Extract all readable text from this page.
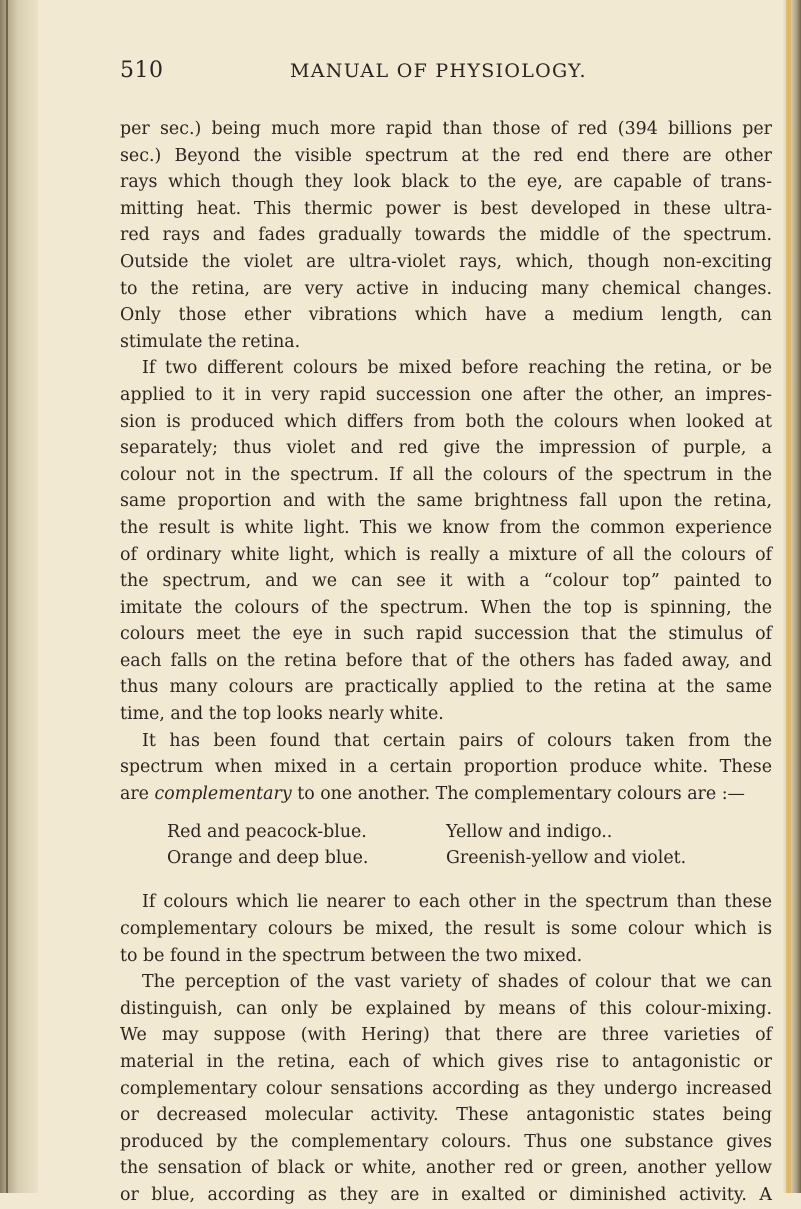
510	MANUAL OF PHYSIOLOGY.
per sec.) being much more rapid than those of red (394 billions per
sec.) Beyond the visible spectrum at the red end there are other
rays which though they look black to the eye, are capable of trans-
mitting heat. This thermic power is best developed in these ultra-
red rays and fades gradually towards the middle of the spectrum.
Outside the violet are ultra-violet rays, which, though non-exciting
to the retina, are very active in inducing many chemical changes.
Only those ether vibrations which have a medium length, can
stimulate the retina.
If two different colours be mixed before reaching the retina, or be
applied to it in very rapid succession one after the other, an impres-
sion is produced which differs from both the colours when looked at
separately; thus violet and red give the impression of purple, a
colour not in the spectrum. If all the colours of the spectrum in the
same proportion and with the same brightness fall upon the retina,
the result is white light. This we know from the common experience
of ordinary white light, which is really a mixture of all the colours of
the spectrum, and we can see it with a “colour top” painted to
imitate the colours of the spectrum. When the top is spinning, the
colours meet the eye in such rapid succession that the stimulus of
each falls on the retina before that of the others has faded away, and
thus many colours are practically applied to the retina at the same
time, and the top looks nearly white.
It has been found that certain pairs of colours taken from the
spectrum when mixed in a certain proportion produce white. These
are complementary to one another. The complementary colours are :—
Red and peacock-blue.	Yellow and indigo..
Orange and deep blue.	Greenish-yellow and violet.
If colours which lie nearer to each other in the spectrum than these
complementary colours be mixed, the result is some colour which is
to be found in the spectrum between the two mixed.
The perception of the vast variety of shades of colour that we can
distinguish, can only be explained by means of this colour-mixing.
We may suppose (with Hering) that there are three varieties of
material in the retina, each of which gives rise to antagonistic or
complementary colour sensations according as they undergo increased
or decreased molecular activity. These antagonistic states being
produced by the complementary colours. Thus one substance gives
the sensation of black or white, another red or green, another yellow
or blue, according as they are in exalted or diminished activity. A
